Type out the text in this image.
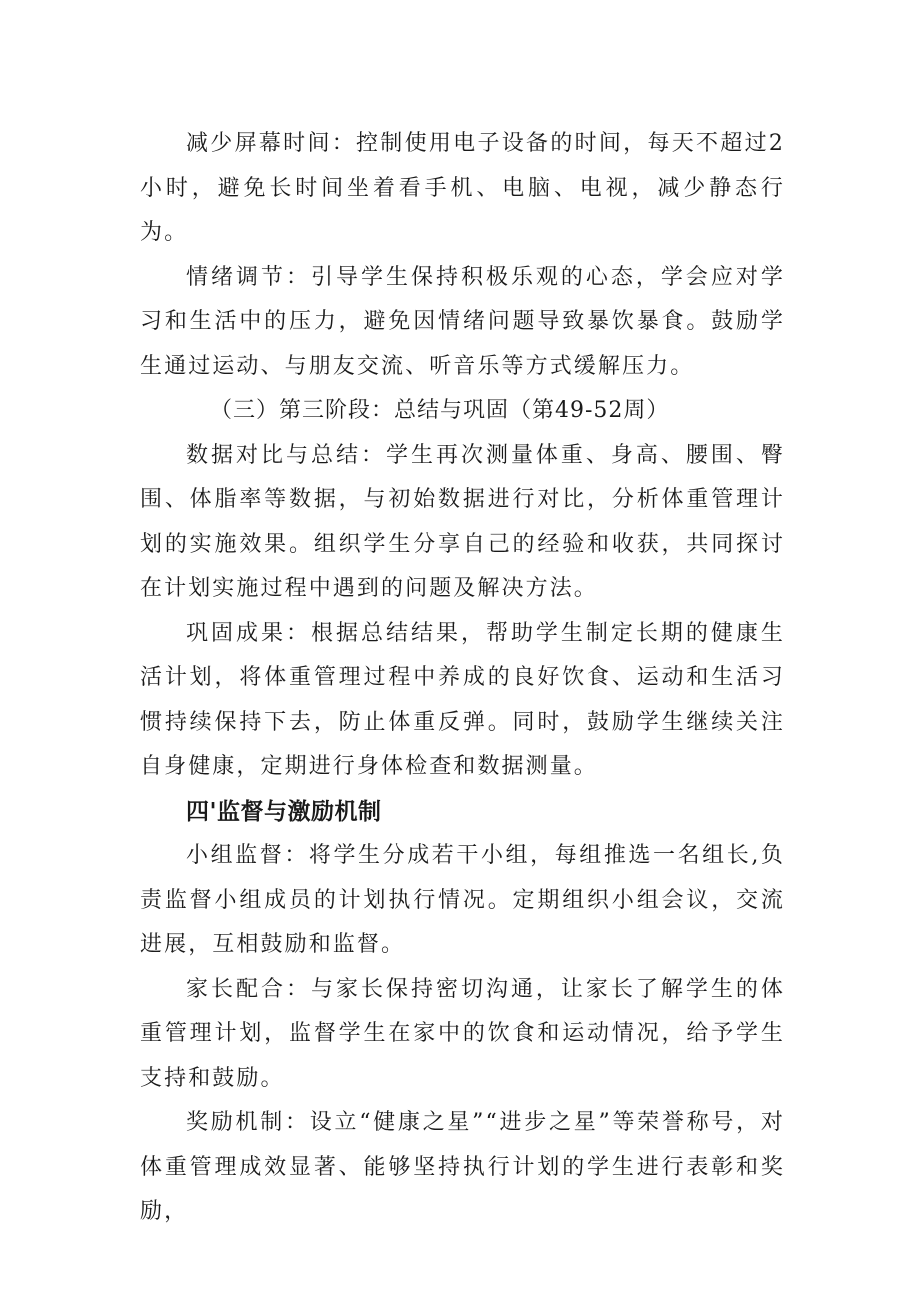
减少屏幕时间：控制使用电子设备的时间，每天不超过2小时，避免长时间坐着看手机、电脑、电视，减少静态行为。

情绪调节：引导学生保持积极乐观的心态，学会应对学习和生活中的压力，避免因情绪问题导致暴饮暴食。鼓励学生通过运动、与朋友交流、听音乐等方式缓解压力。

（三）第三阶段：总结与巩固（第49-52周）

数据对比与总结：学生再次测量体重、身高、腰围、臀围、体脂率等数据，与初始数据进行对比，分析体重管理计划的实施效果。组织学生分享自己的经验和收获，共同探讨在计划实施过程中遇到的问题及解决方法。

巩固成果：根据总结结果，帮助学生制定长期的健康生活计划，将体重管理过程中养成的良好饮食、运动和生活习惯持续保持下去，防止体重反弹。同时，鼓励学生继续关注自身健康，定期进行身体检查和数据测量。

四'监督与激励机制

小组监督：将学生分成若干小组，每组推选一名组长,负责监督小组成员的计划执行情况。定期组织小组会议，交流进展，互相鼓励和监督。

家长配合：与家长保持密切沟通，让家长了解学生的体重管理计划，监督学生在家中的饮食和运动情况，给予学生支持和鼓励。

奖励机制：设立“健康之星”“进步之星”等荣誉称号，对体重管理成效显著、能够坚持执行计划的学生进行表彰和奖励，
